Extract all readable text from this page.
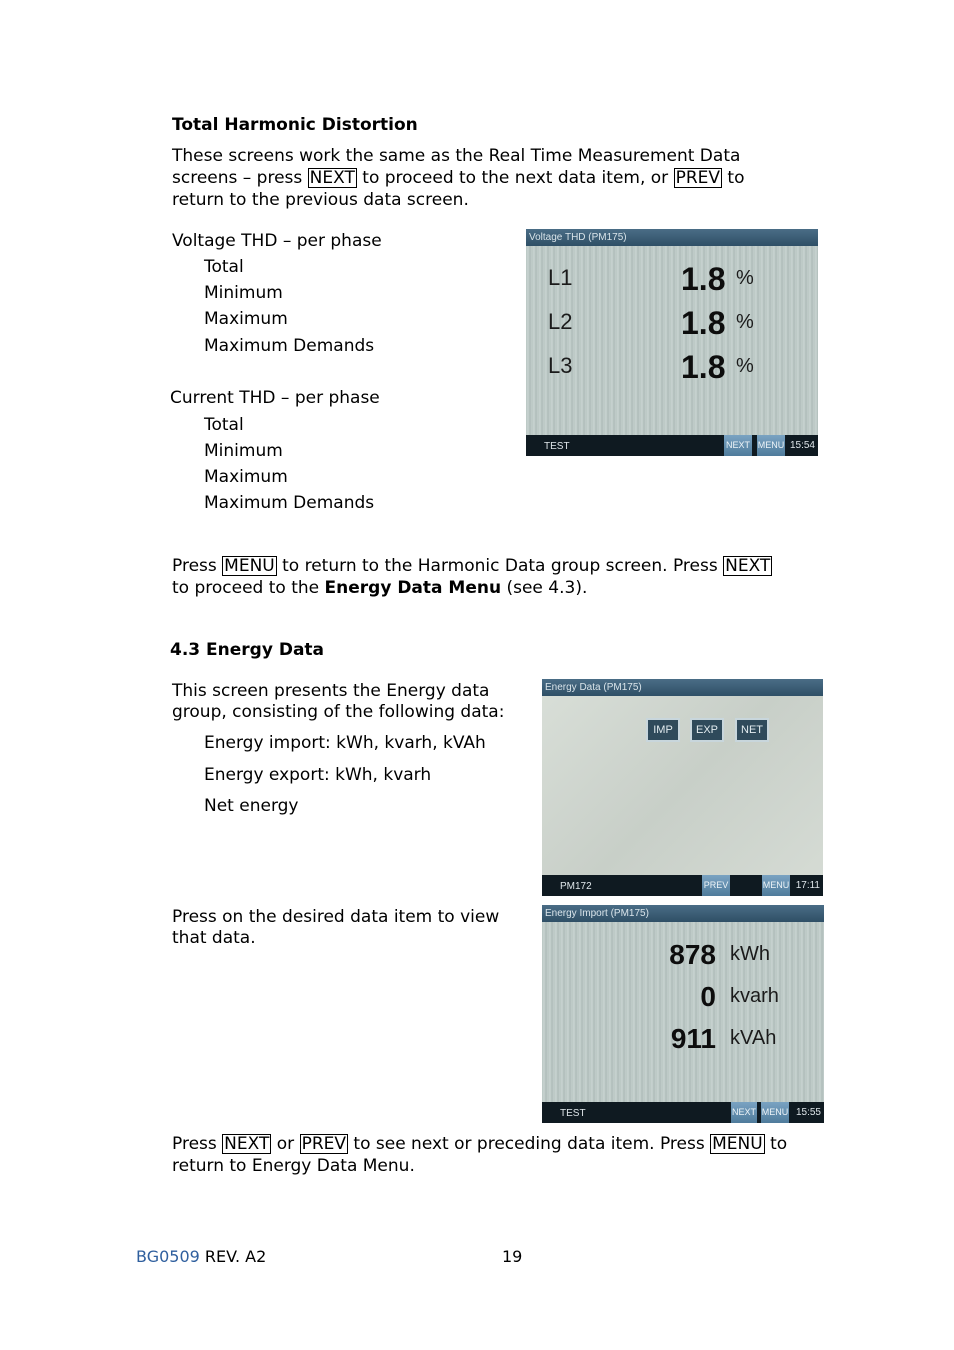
Total Harmonic Distortion
These screens work the same as the Real Time Measurement Data
screens – press NEXT to proceed to the next data item, or PREV to
return to the previous data screen.
Voltage THD – per phase
Total
Minimum
Maximum
Maximum Demands
Current THD – per phase
Total
Minimum
Maximum
Maximum Demands
Voltage THD (PM175)
L1	1.8 %
L2	1.8 %
L3	1.8 %
TEST	NEXT MENU 15:54
Press MENU to return to the Harmonic Data group screen. Press NEXT
to proceed to the Energy Data Menu (see 4.3).
4.3 Energy Data
This screen presents the Energy data
group, consisting of the following data:
Energy import: kWh, kvarh, kVAh
Energy export: kWh, kvarh
Net energy
Energy Data (PM175)
IMP	EXP	NET
PM172	PREV	MENU 17:11
Press on the desired data item to view
that data.
Energy Import (PM175)
878 kWh
0 kvarh
911 kVAh
TEST	NEXT MENU 15:55
Press NEXT or PREV to see next or preceding data item. Press MENU to
return to Energy Data Menu.
BG0509 REV. A2	19
